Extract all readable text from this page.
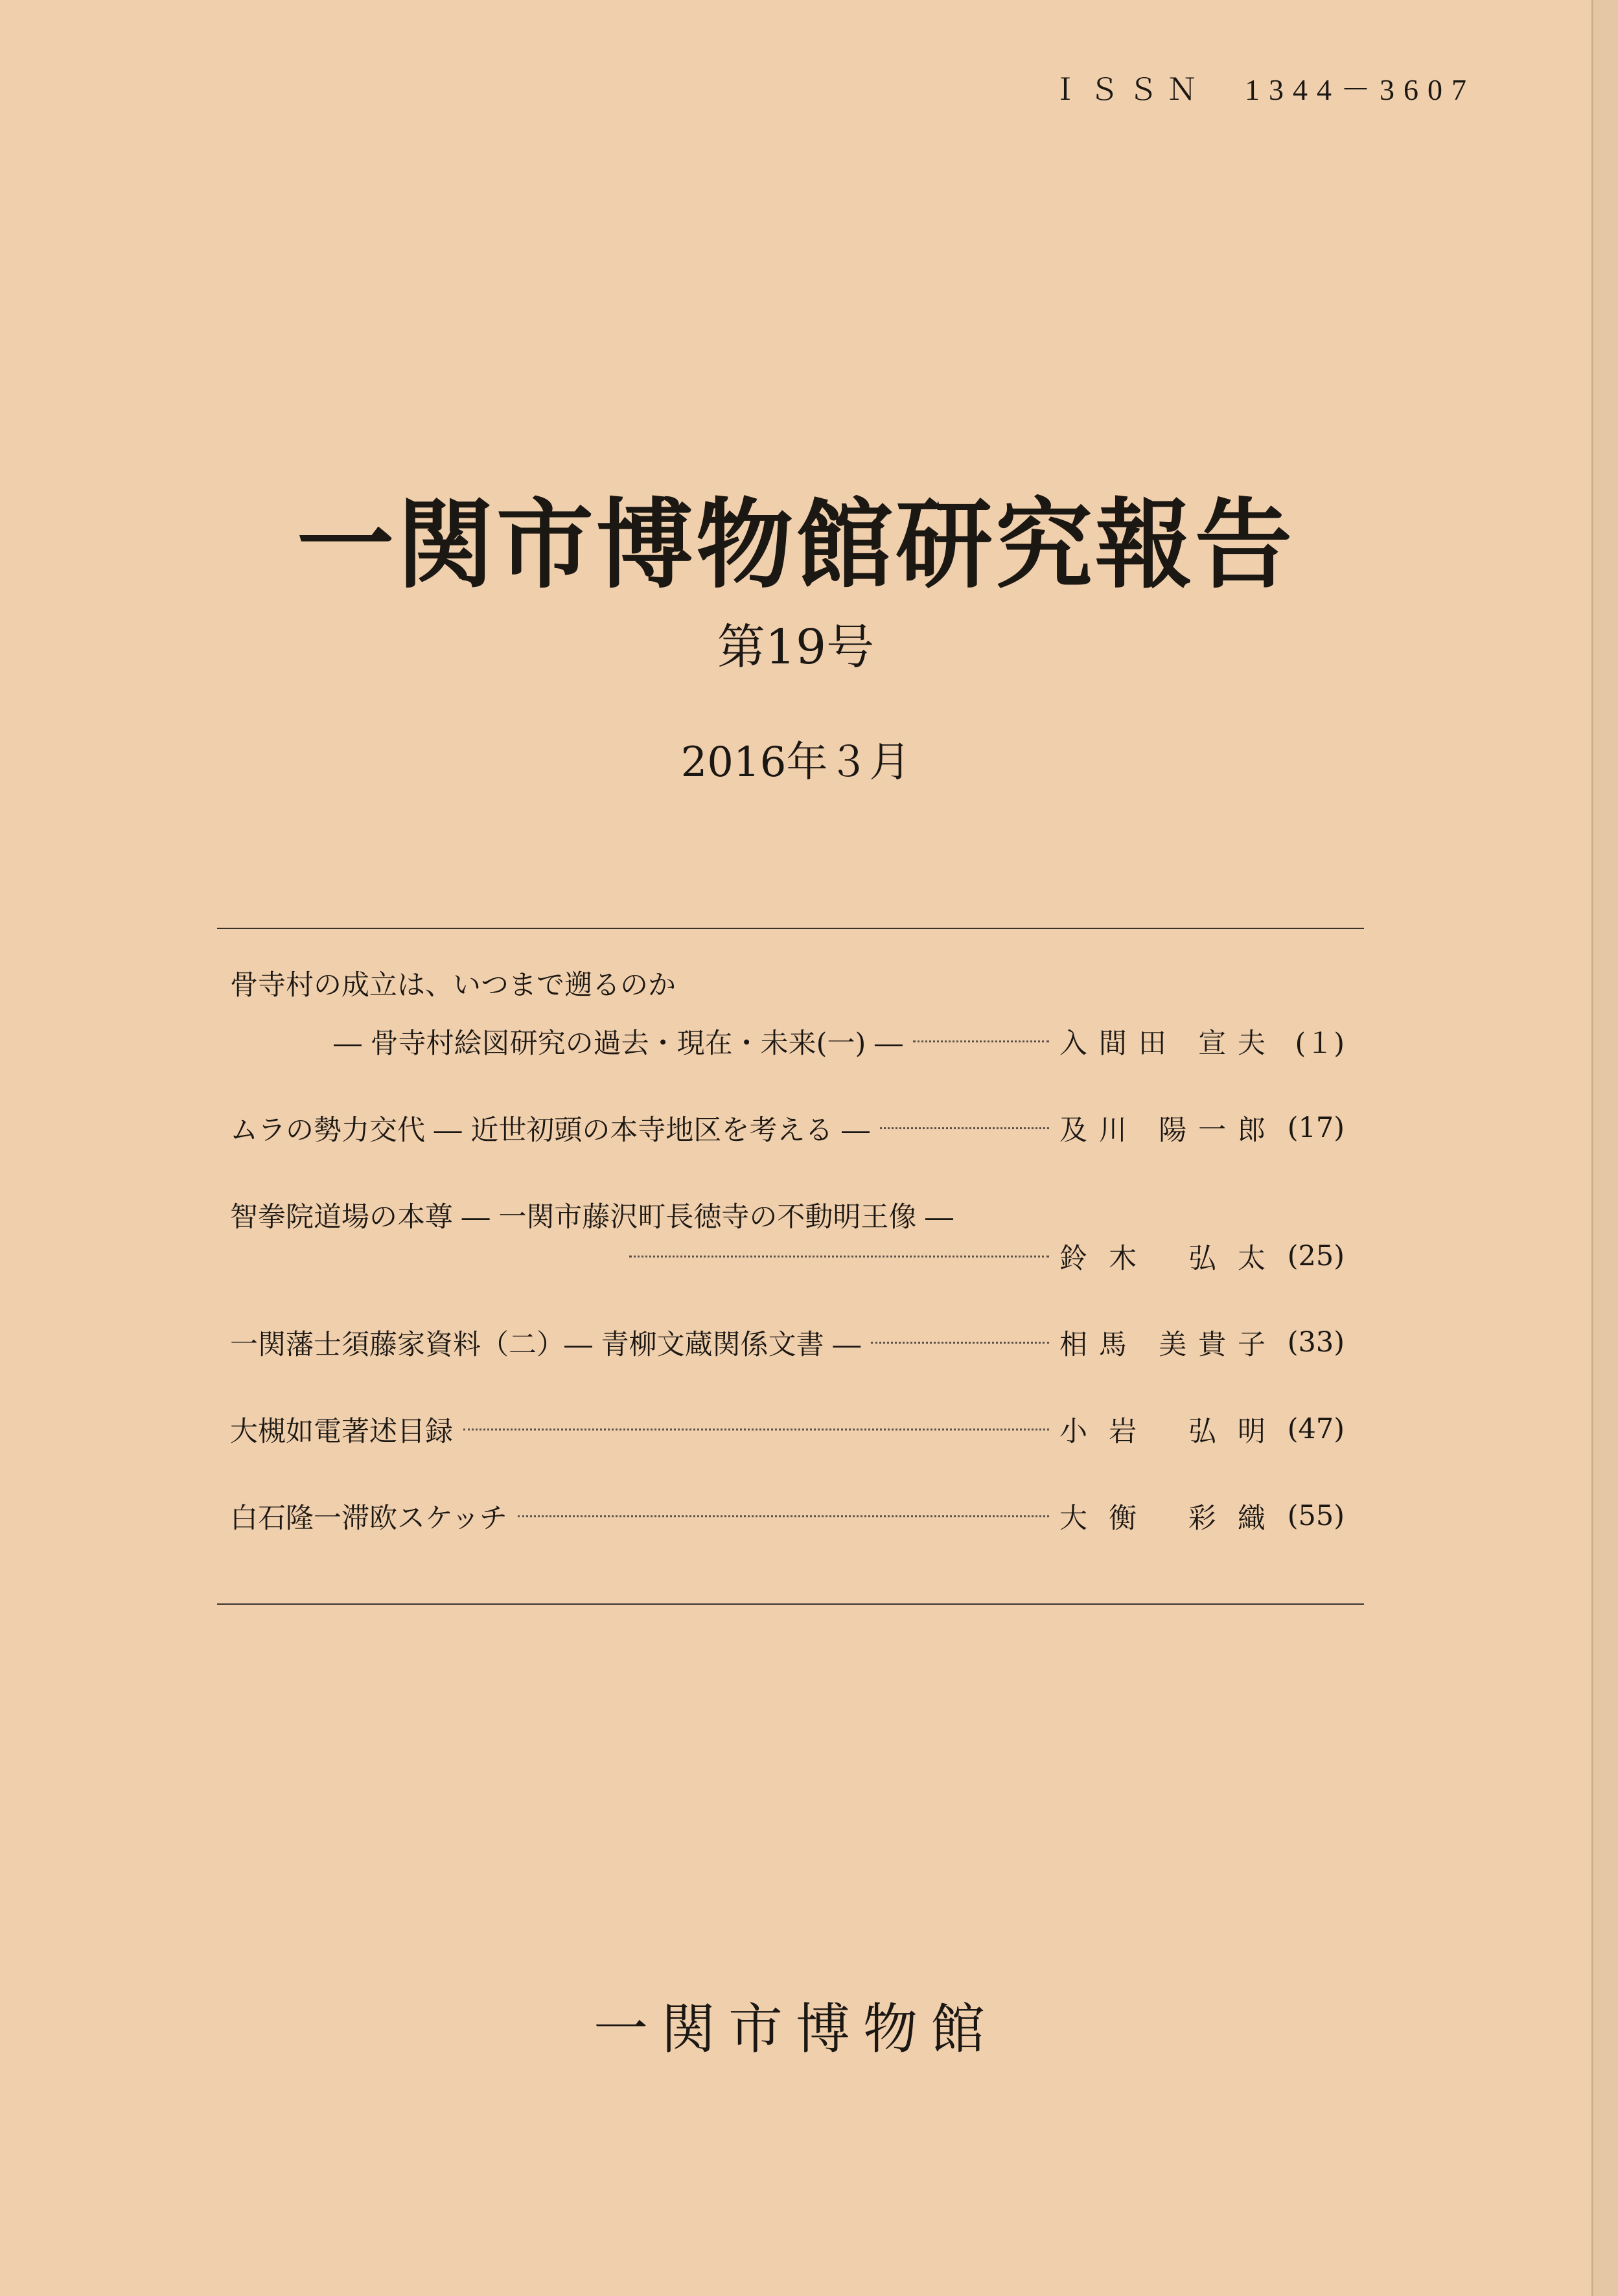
ＩＳＳＮ　1344－3607
一関市博物館研究報告
第19号
2016年３月
骨寺村の成立は、いつまで遡るのか
― 骨寺村絵図研究の過去・現在・未来(一) ―	入間田 宣夫	(１)
ムラの勢力交代 ― 近世初頭の本寺地区を考える ―	及川 陽一郎 (17)
智拳院道場の本尊 ― 一関市藤沢町長徳寺の不動明王像 ―
鈴木 弘太 (25)
一関藩士須藤家資料（二）― 青柳文蔵関係文書 ―	相馬 美貴子 (33)
大槻如電著述目録	小岩 弘明 (47)
白石隆一滞欧スケッチ	大衡 彩織 (55)
一関市博物館
